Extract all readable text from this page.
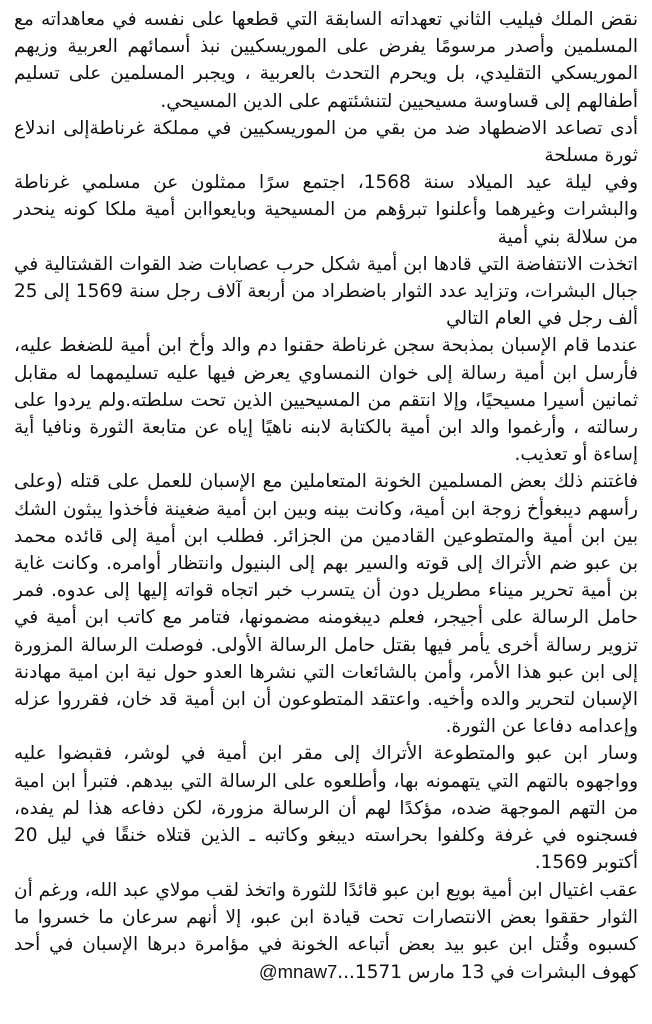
نقض الملك فيليب الثاني تعهداته السابقة التي قطعها على نفسه في معاهداته مع المسلمين وأصدر مرسومًا يفرض على الموريسكيين نبذ أسمائهم العربية وزيهم الموريسكي التقليدي، بل ويحرم التحدث بالعربية ، ويجبر المسلمين على تسليم أطفالهم إلى قساوسة مسيحيين لتنشئتهم على الدين المسيحي.

أدى تصاعد الاضطهاد ضد من بقي من الموريسكيين في مملكة غرناطةإلى اندلاع ثورة مسلحة

وفي ليلة عيد الميلاد سنة 1568، اجتمع سرًا ممثلون عن مسلمي غرناطة والبشرات وغيرهما وأعلنوا تبرؤهم من المسيحية وبايعواابن أمية ملكا كونه ينحدر من سلالة بني أمية

اتخذت الانتفاضة التي قادها ابن أمية شكل حرب عصابات ضد القوات القشتالية في جبال البشرات، وتزايد عدد الثوار باضطراد من أربعة آلاف رجل سنة 1569 إلى 25 ألف رجل في العام التالي

عندما قام الإسبان بمذبحة سجن غرناطة حقنوا دم والد وأخ ابن أمية للضغط عليه، فأرسل ابن أمية رسالة إلى خوان النمساوي يعرض فيها عليه تسليمهما له مقابل ثمانين أسيرا مسيحيًا، وإلا انتقم من المسيحيين الذين تحت سلطته.ولم يردوا على رسالته ، وأرغموا والد ابن أمية بالكتابة لابنه ناهيًا إياه عن متابعة الثورة ونافيا أية إساءة أو تعذيب.

فاغتنم ذلك بعض المسلمين الخونة المتعاملين مع الإسبان للعمل على قتله (وعلى رأسهم ديبغوأخ زوجة ابن أمية، وكانت بينه وبين ابن أمية ضغينة فأخذوا يبثون الشك بين ابن أمية والمتطوعين القادمين من الجزائر. فطلب ابن أمية إلى قائده محمد بن عبو ضم الأتراك إلى قوته والسير بهم إلى البنيول وانتظار أوامره. وكانت غاية بن أمية تحرير ميناء مطريل دون أن يتسرب خبر اتجاه قواته إليها إلى عدوه. فمر حامل الرسالة على أجيجر، فعلم ديبغومنه مضمونها، فتامر مع كاتب ابن أمية في تزوير رسالة أخرى يأمر فيها بقتل حامل الرسالة الأولى. فوصلت الرسالة المزورة إلى ابن عبو هذا الأمر، وأمن بالشائعات التي نشرها العدو حول نية ابن امية مهادنة الإسبان لتحرير والده وأخيه. واعتقد المتطوعون أن ابن أمية قد خان، فقرروا عزله وإعدامه دفاعا عن الثورة.

وسار ابن عبو والمتطوعة الأتراك إلى مقر ابن أمية في لوشر، فقبضوا عليه وواجهوه بالتهم التي يتهمونه بها، وأطلعوه على الرسالة التي بيدهم. فتبرأ ابن امية من التهم الموجهة ضده، مؤكدًا لهم أن الرسالة مزورة، لكن دفاعه هذا لم يفده، فسجنوه في غرفة وكلفوا بحراسته ديبغو وكاتبه ـ الذين قتلاه خنقًا في ليل 20 أكتوبر 1569.

عقب اغتيال ابن أمية بويع ابن عبو قائدًا للثورة واتخذ لقب مولاي عبد الله، ورغم أن الثوار حققوا بعض الانتصارات تحت قيادة ابن عبو، إلا أنهم سرعان ما خسروا ما كسبوه وقُتل ابن عبو بيد بعض أتباعه الخونة في مؤامرة دبرها الإسبان في أحد كهوف البشرات في 13 مارس 1571...@mnaw7
